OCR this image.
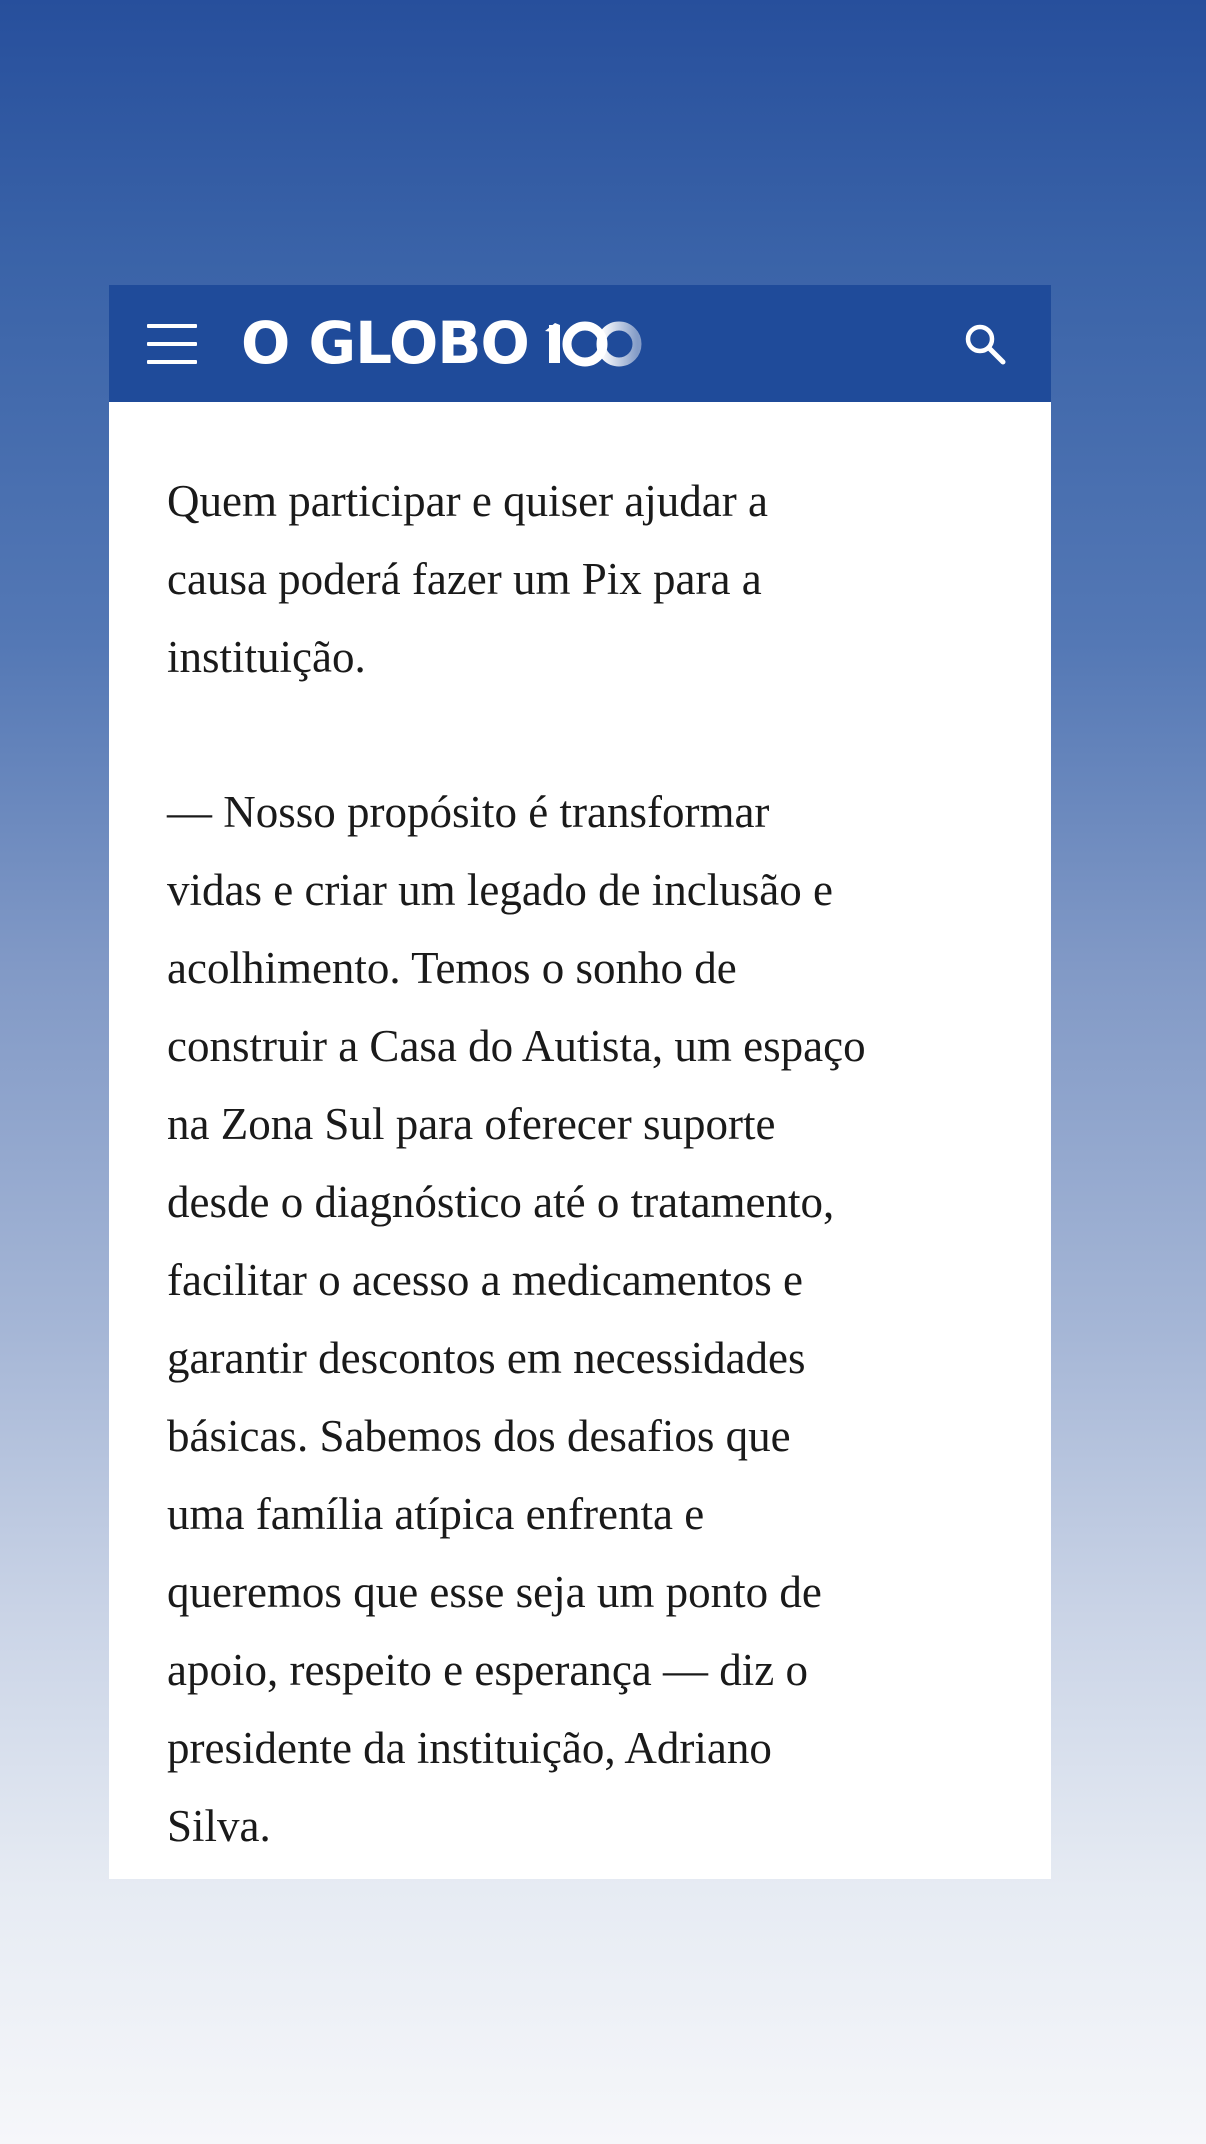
O GLOBO

Quem participar e quiser ajudar a
causa poderá fazer um Pix para a
instituição.

— Nosso propósito é transformar
vidas e criar um legado de inclusão e
acolhimento. Temos o sonho de
construir a Casa do Autista, um espaço
na Zona Sul para oferecer suporte
desde o diagnóstico até o tratamento,
facilitar o acesso a medicamentos e
garantir descontos em necessidades
básicas. Sabemos dos desafios que
uma família atípica enfrenta e
queremos que esse seja um ponto de
apoio, respeito e esperança — diz o
presidente da instituição, Adriano
Silva.
